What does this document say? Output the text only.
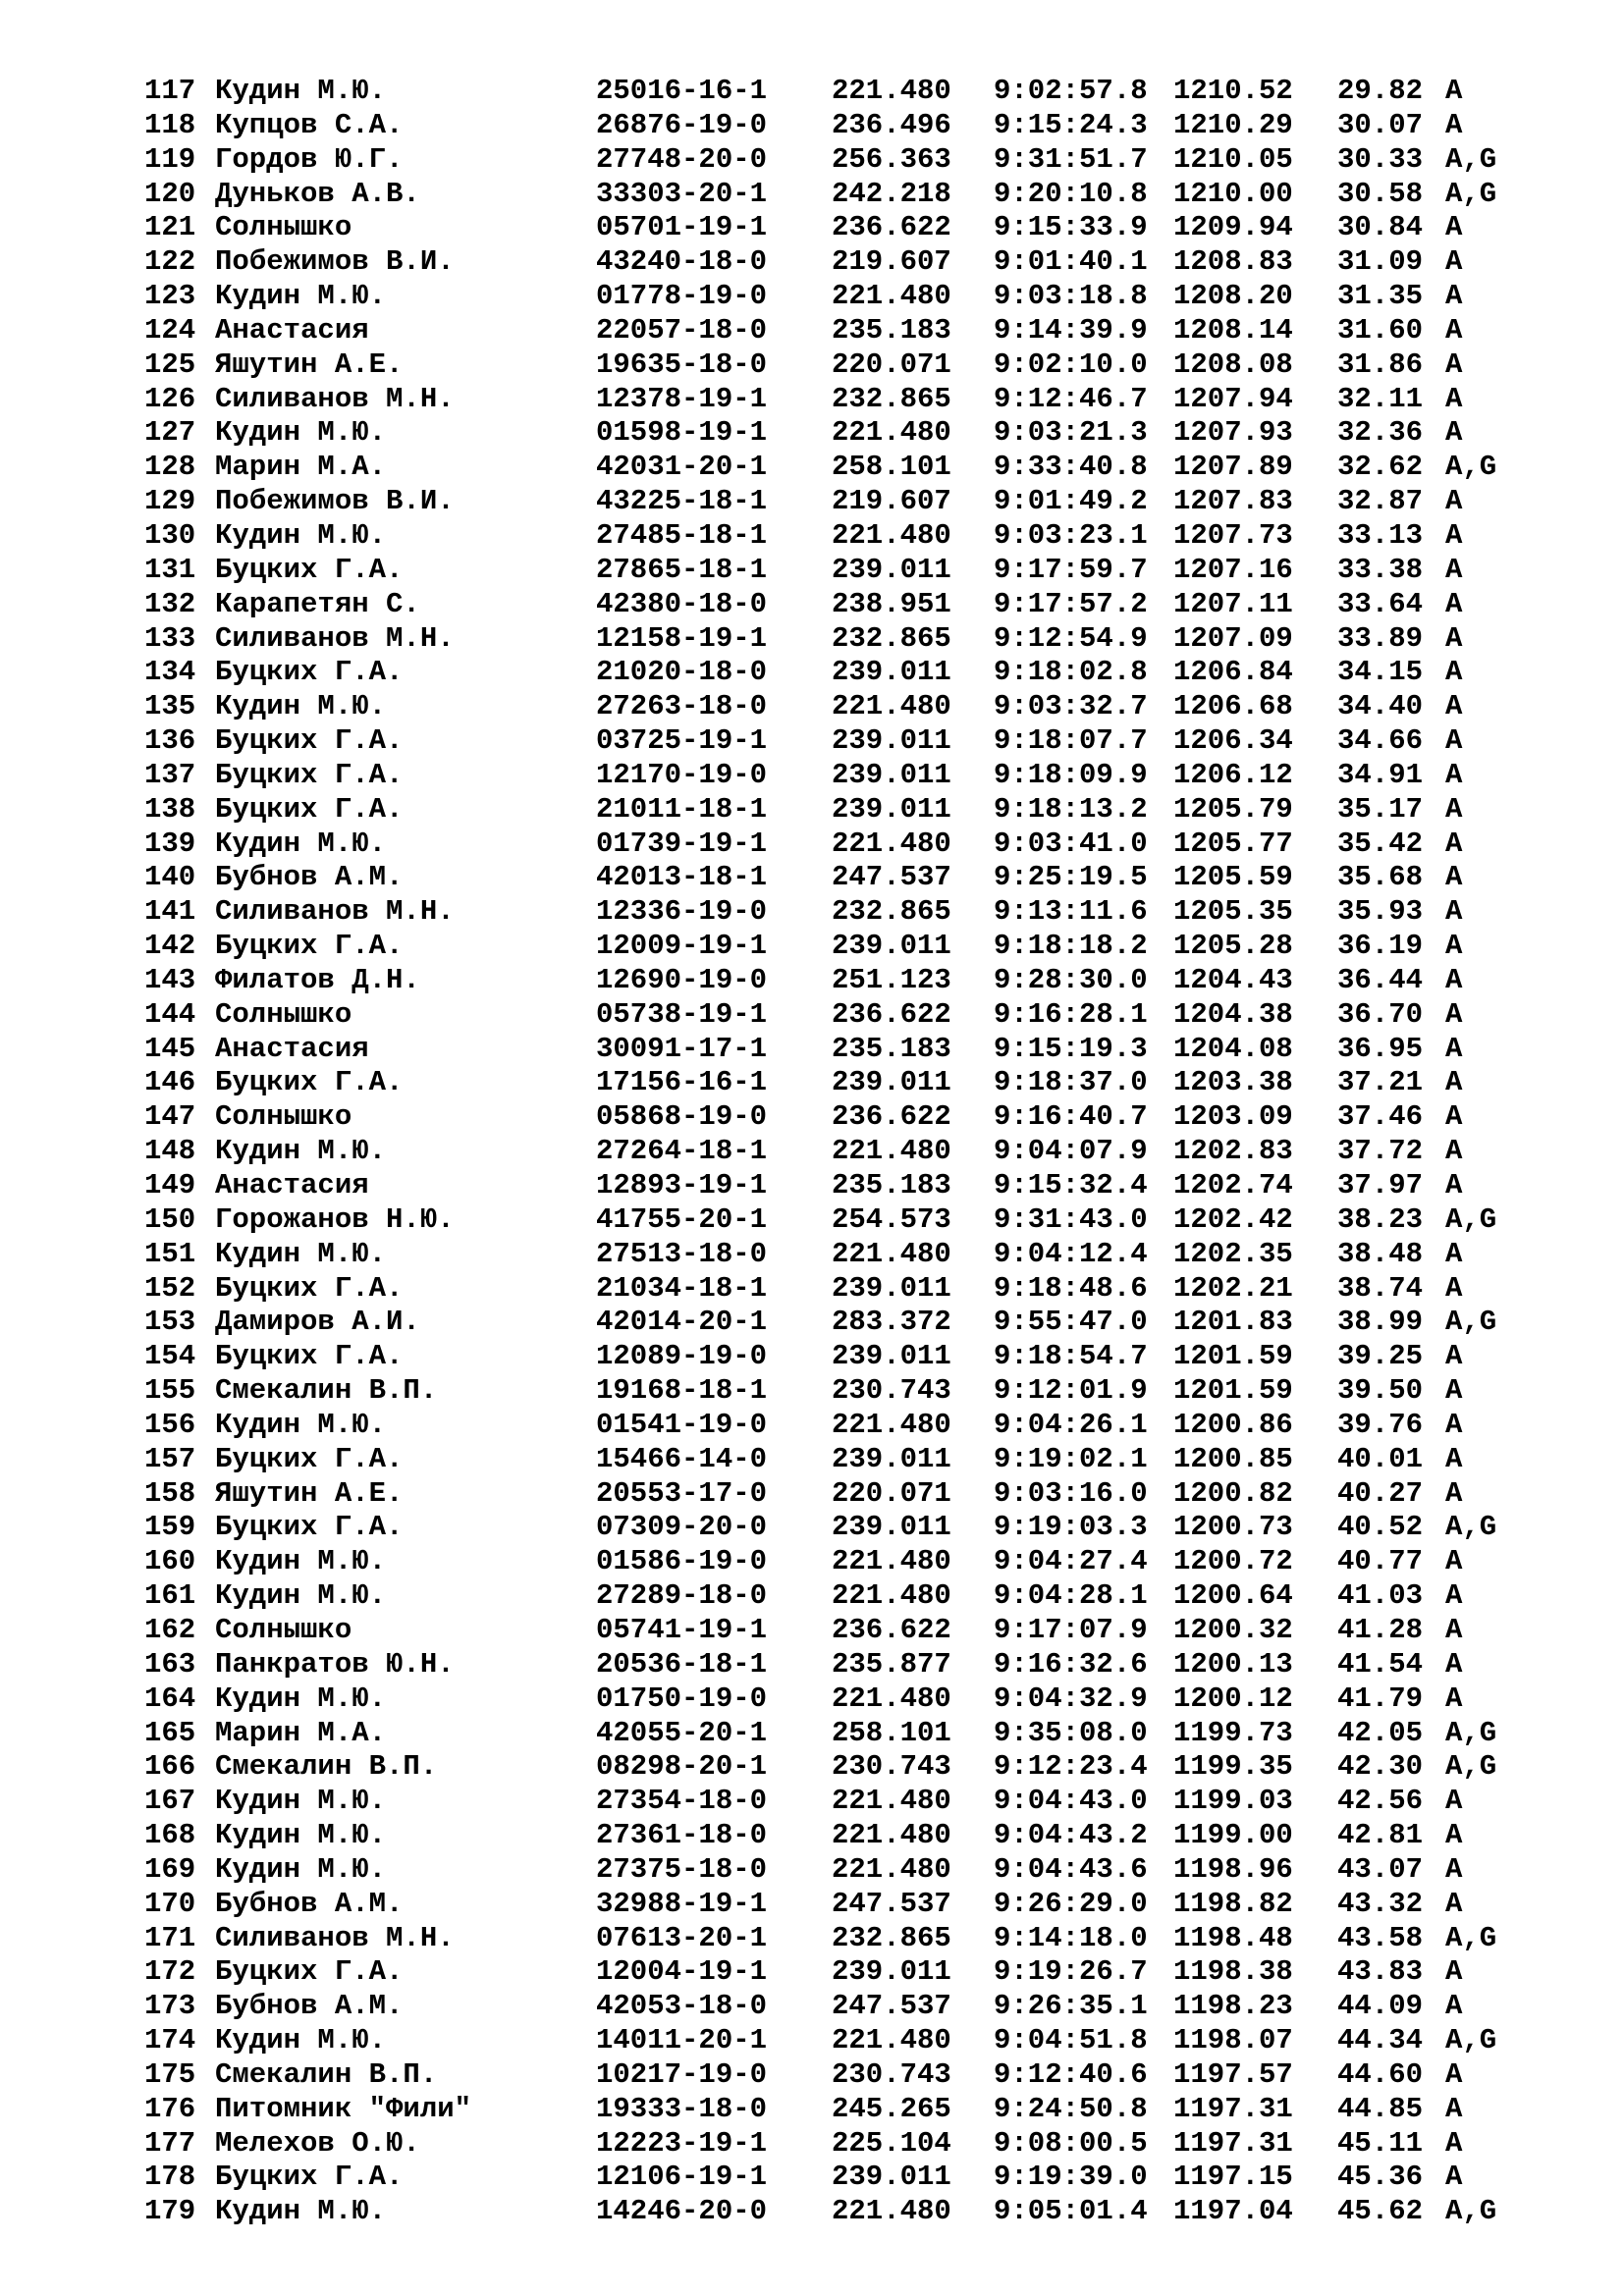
117 Кудин М.Ю.	25016-16-1 221.480 9:02:57.8 1210.52 29.82 A
118 Купцов С.А.	26876-19-0 236.496 9:15:24.3 1210.29 30.07 A
119 Гордов Ю.Г.	27748-20-0 256.363 9:31:51.7 1210.05 30.33 A,G
120 Дуньков А.В.	33303-20-1 242.218 9:20:10.8 1210.00 30.58 A,G
121 Солнышко	05701-19-1 236.622 9:15:33.9 1209.94 30.84 A
122 Побежимов В.И.	43240-18-0 219.607 9:01:40.1 1208.83 31.09 A
123 Кудин М.Ю.	01778-19-0 221.480 9:03:18.8 1208.20 31.35 A
124 Анастасия	22057-18-0 235.183 9:14:39.9 1208.14 31.60 A
125 Яшутин А.Е.	19635-18-0 220.071 9:02:10.0 1208.08 31.86 A
126 Силиванов М.Н.	12378-19-1 232.865 9:12:46.7 1207.94 32.11 A
127 Кудин М.Ю.	01598-19-1 221.480 9:03:21.3 1207.93 32.36 A
128 Марин М.А.	42031-20-1 258.101 9:33:40.8 1207.89 32.62 A,G
129 Побежимов В.И.	43225-18-1 219.607 9:01:49.2 1207.83 32.87 A
130 Кудин М.Ю.	27485-18-1 221.480 9:03:23.1 1207.73 33.13 A
131 Буцких Г.А.	27865-18-1 239.011 9:17:59.7 1207.16 33.38 A
132 Карапетян С.	42380-18-0 238.951 9:17:57.2 1207.11 33.64 A
133 Силиванов М.Н.	12158-19-1 232.865 9:12:54.9 1207.09 33.89 A
134 Буцких Г.А.	21020-18-0 239.011 9:18:02.8 1206.84 34.15 A
135 Кудин М.Ю.	27263-18-0 221.480 9:03:32.7 1206.68 34.40 A
136 Буцких Г.А.	03725-19-1 239.011 9:18:07.7 1206.34 34.66 A
137 Буцких Г.А.	12170-19-0 239.011 9:18:09.9 1206.12 34.91 A
138 Буцких Г.А.	21011-18-1 239.011 9:18:13.2 1205.79 35.17 A
139 Кудин М.Ю.	01739-19-1 221.480 9:03:41.0 1205.77 35.42 A
140 Бубнов А.М.	42013-18-1 247.537 9:25:19.5 1205.59 35.68 A
141 Силиванов М.Н.	12336-19-0 232.865 9:13:11.6 1205.35 35.93 A
142 Буцких Г.А.	12009-19-1 239.011 9:18:18.2 1205.28 36.19 A
143 Филатов Д.Н.	12690-19-0 251.123 9:28:30.0 1204.43 36.44 A
144 Солнышко	05738-19-1 236.622 9:16:28.1 1204.38 36.70 A
145 Анастасия	30091-17-1 235.183 9:15:19.3 1204.08 36.95 A
146 Буцких Г.А.	17156-16-1 239.011 9:18:37.0 1203.38 37.21 A
147 Солнышко	05868-19-0 236.622 9:16:40.7 1203.09 37.46 A
148 Кудин М.Ю.	27264-18-1 221.480 9:04:07.9 1202.83 37.72 A
149 Анастасия	12893-19-1 235.183 9:15:32.4 1202.74 37.97 A
150 Горожанов Н.Ю.	41755-20-1 254.573 9:31:43.0 1202.42 38.23 A,G
151 Кудин М.Ю.	27513-18-0 221.480 9:04:12.4 1202.35 38.48 A
152 Буцких Г.А.	21034-18-1 239.011 9:18:48.6 1202.21 38.74 A
153 Дамиров А.И.	42014-20-1 283.372 9:55:47.0 1201.83 38.99 A,G
154 Буцких Г.А.	12089-19-0 239.011 9:18:54.7 1201.59 39.25 A
155 Смекалин В.П.	19168-18-1 230.743 9:12:01.9 1201.59 39.50 A
156 Кудин М.Ю.	01541-19-0 221.480 9:04:26.1 1200.86 39.76 A
157 Буцких Г.А.	15466-14-0 239.011 9:19:02.1 1200.85 40.01 A
158 Яшутин А.Е.	20553-17-0 220.071 9:03:16.0 1200.82 40.27 A
159 Буцких Г.А.	07309-20-0 239.011 9:19:03.3 1200.73 40.52 A,G
160 Кудин М.Ю.	01586-19-0 221.480 9:04:27.4 1200.72 40.77 A
161 Кудин М.Ю.	27289-18-0 221.480 9:04:28.1 1200.64 41.03 A
162 Солнышко	05741-19-1 236.622 9:17:07.9 1200.32 41.28 A
163 Панкратов Ю.Н.	20536-18-1 235.877 9:16:32.6 1200.13 41.54 A
164 Кудин М.Ю.	01750-19-0 221.480 9:04:32.9 1200.12 41.79 A
165 Марин М.А.	42055-20-1 258.101 9:35:08.0 1199.73 42.05 A,G
166 Смекалин В.П.	08298-20-1 230.743 9:12:23.4 1199.35 42.30 A,G
167 Кудин М.Ю.	27354-18-0 221.480 9:04:43.0 1199.03 42.56 A
168 Кудин М.Ю.	27361-18-0 221.480 9:04:43.2 1199.00 42.81 A
169 Кудин М.Ю.	27375-18-0 221.480 9:04:43.6 1198.96 43.07 A
170 Бубнов А.М.	32988-19-1 247.537 9:26:29.0 1198.82 43.32 A
171 Силиванов М.Н.	07613-20-1 232.865 9:14:18.0 1198.48 43.58 A,G
172 Буцких Г.А.	12004-19-1 239.011 9:19:26.7 1198.38 43.83 A
173 Бубнов А.М.	42053-18-0 247.537 9:26:35.1 1198.23 44.09 A
174 Кудин М.Ю.	14011-20-1 221.480 9:04:51.8 1198.07 44.34 A,G
175 Смекалин В.П.	10217-19-0 230.743 9:12:40.6 1197.57 44.60 A
176 Питомник "Фили"	19333-18-0 245.265 9:24:50.8 1197.31 44.85 A
177 Мелехов О.Ю.	12223-19-1 225.104 9:08:00.5 1197.31 45.11 A
178 Буцких Г.А.	12106-19-1 239.011 9:19:39.0 1197.15 45.36 A
179 Кудин М.Ю.	14246-20-0 221.480 9:05:01.4 1197.04 45.62 A,G
